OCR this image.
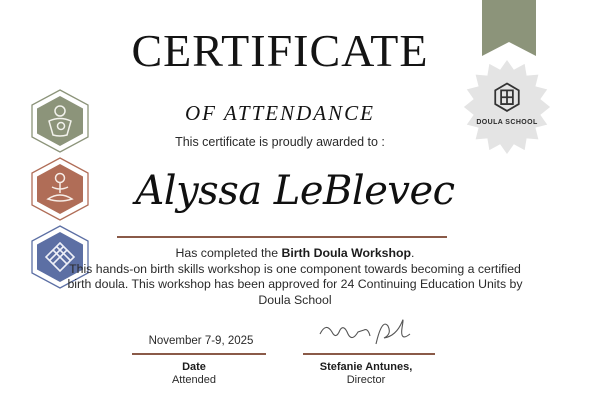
DOULA SCHOOL
CERTIFICATE
OF ATTENDANCE
This certificate is proudly awarded to :
Alyssa LeBlevec
Has completed the Birth Doula Workshop.
This hands-on birth skills workshop is one component towards becoming a certified birth doula. This workshop has been approved for 24 Continuing Education Units by Doula School
November 7-9, 2025
Date
Attended
Stefanie Antunes,
Director
